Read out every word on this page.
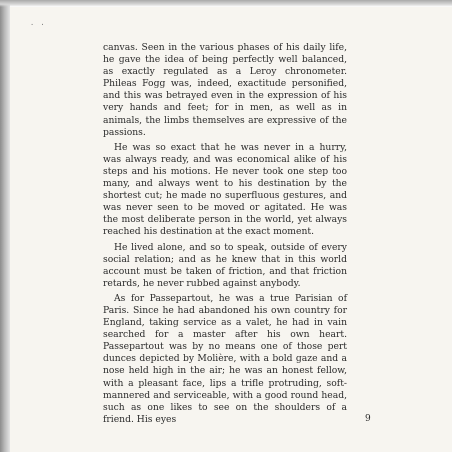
· ·

canvas. Seen in the various phases of his daily life, he gave the idea of being perfectly well balanced, as exactly regulated as a Leroy chronometer. Phileas Fogg was, indeed, exactitude personified, and this was betrayed even in the expression of his very hands and feet; for in men, as well as in animals, the limbs themselves are expressive of the passions.

He was so exact that he was never in a hurry, was always ready, and was economical alike of his steps and his motions. He never took one step too many, and always went to his destination by the shortest cut; he made no superfluous gestures, and was never seen to be moved or agitated. He was the most deliberate person in the world, yet always reached his destination at the exact moment.

He lived alone, and so to speak, outside of every social relation; and as he knew that in this world account must be taken of friction, and that friction retards, he never rubbed against anybody.

As for Passepartout, he was a true Parisian of Paris. Since he had abandoned his own country for England, taking service as a valet, he had in vain searched for a master after his own heart. Passepartout was by no means one of those pert dunces depicted by Molière, with a bold gaze and a nose held high in the air; he was an honest fellow, with a pleasant face, lips a trifle protruding, soft-mannered and serviceable, with a good round head, such as one likes to see on the shoulders of a friend. His eyes	9
